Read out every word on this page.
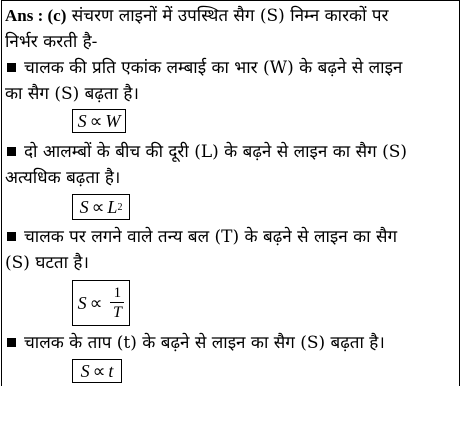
Ans : (c) संचरण लाइनों में उपस्थित सैग (S) निम्न कारकों पर
निर्भर करती है-
चालक की प्रति एकांक लम्बाई का भार (W) के बढ़ने से लाइन
का सैग (S) बढ़ता है।
S ∝ W
दो आलम्बों के बीच की दूरी (L) के बढ़ने से लाइन का सैग (S)
अत्यधिक बढ़ता है।
S ∝ L 2
चालक पर लगने वाले तन्य बल (T) के बढ़ने से लाइन का सैग
(S) घटता है।
$S \propto \frac{1}{T}$
चालक के ताप (t) के बढ़ने से लाइन का सैग (S) बढ़ता है।
S ∝ t
